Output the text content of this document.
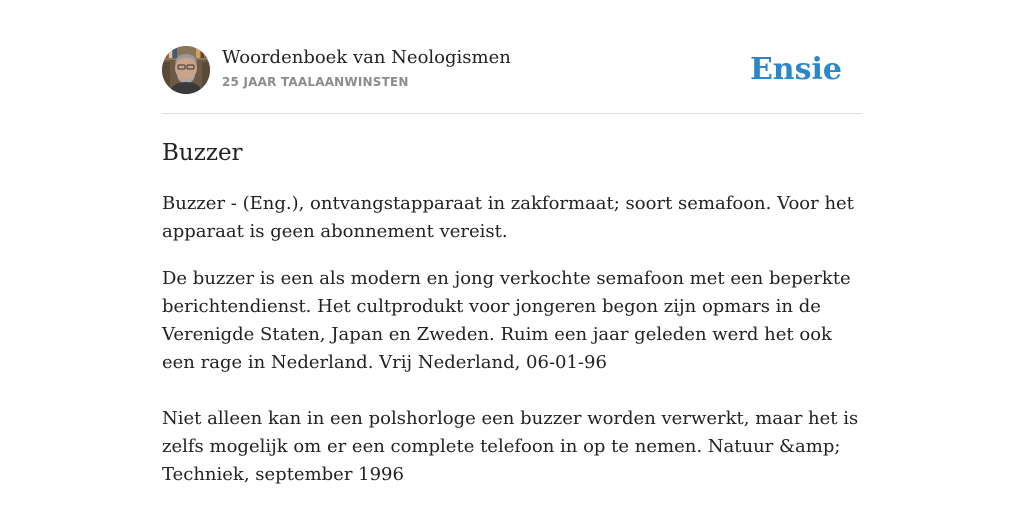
Woordenboek van Neologismen
25 JAAR TAALAANWINSTEN	Ensie
Buzzer

Buzzer - (Eng.), ontvangstapparaat in zakformaat; soort semafoon. Voor het apparaat is geen abonnement vereist.

De buzzer is een als modern en jong verkochte semafoon met een beperkte berichtendienst. Het cultprodukt voor jongeren begon zijn opmars in de Verenigde Staten, Japan en Zweden. Ruim een jaar geleden werd het ook een rage in Nederland. Vrij Nederland, 06-01-96

Niet alleen kan in een polshorloge een buzzer worden verwerkt, maar het is zelfs mogelijk om er een complete telefoon in op te nemen. Natuur &amp; Techniek, september 1996
